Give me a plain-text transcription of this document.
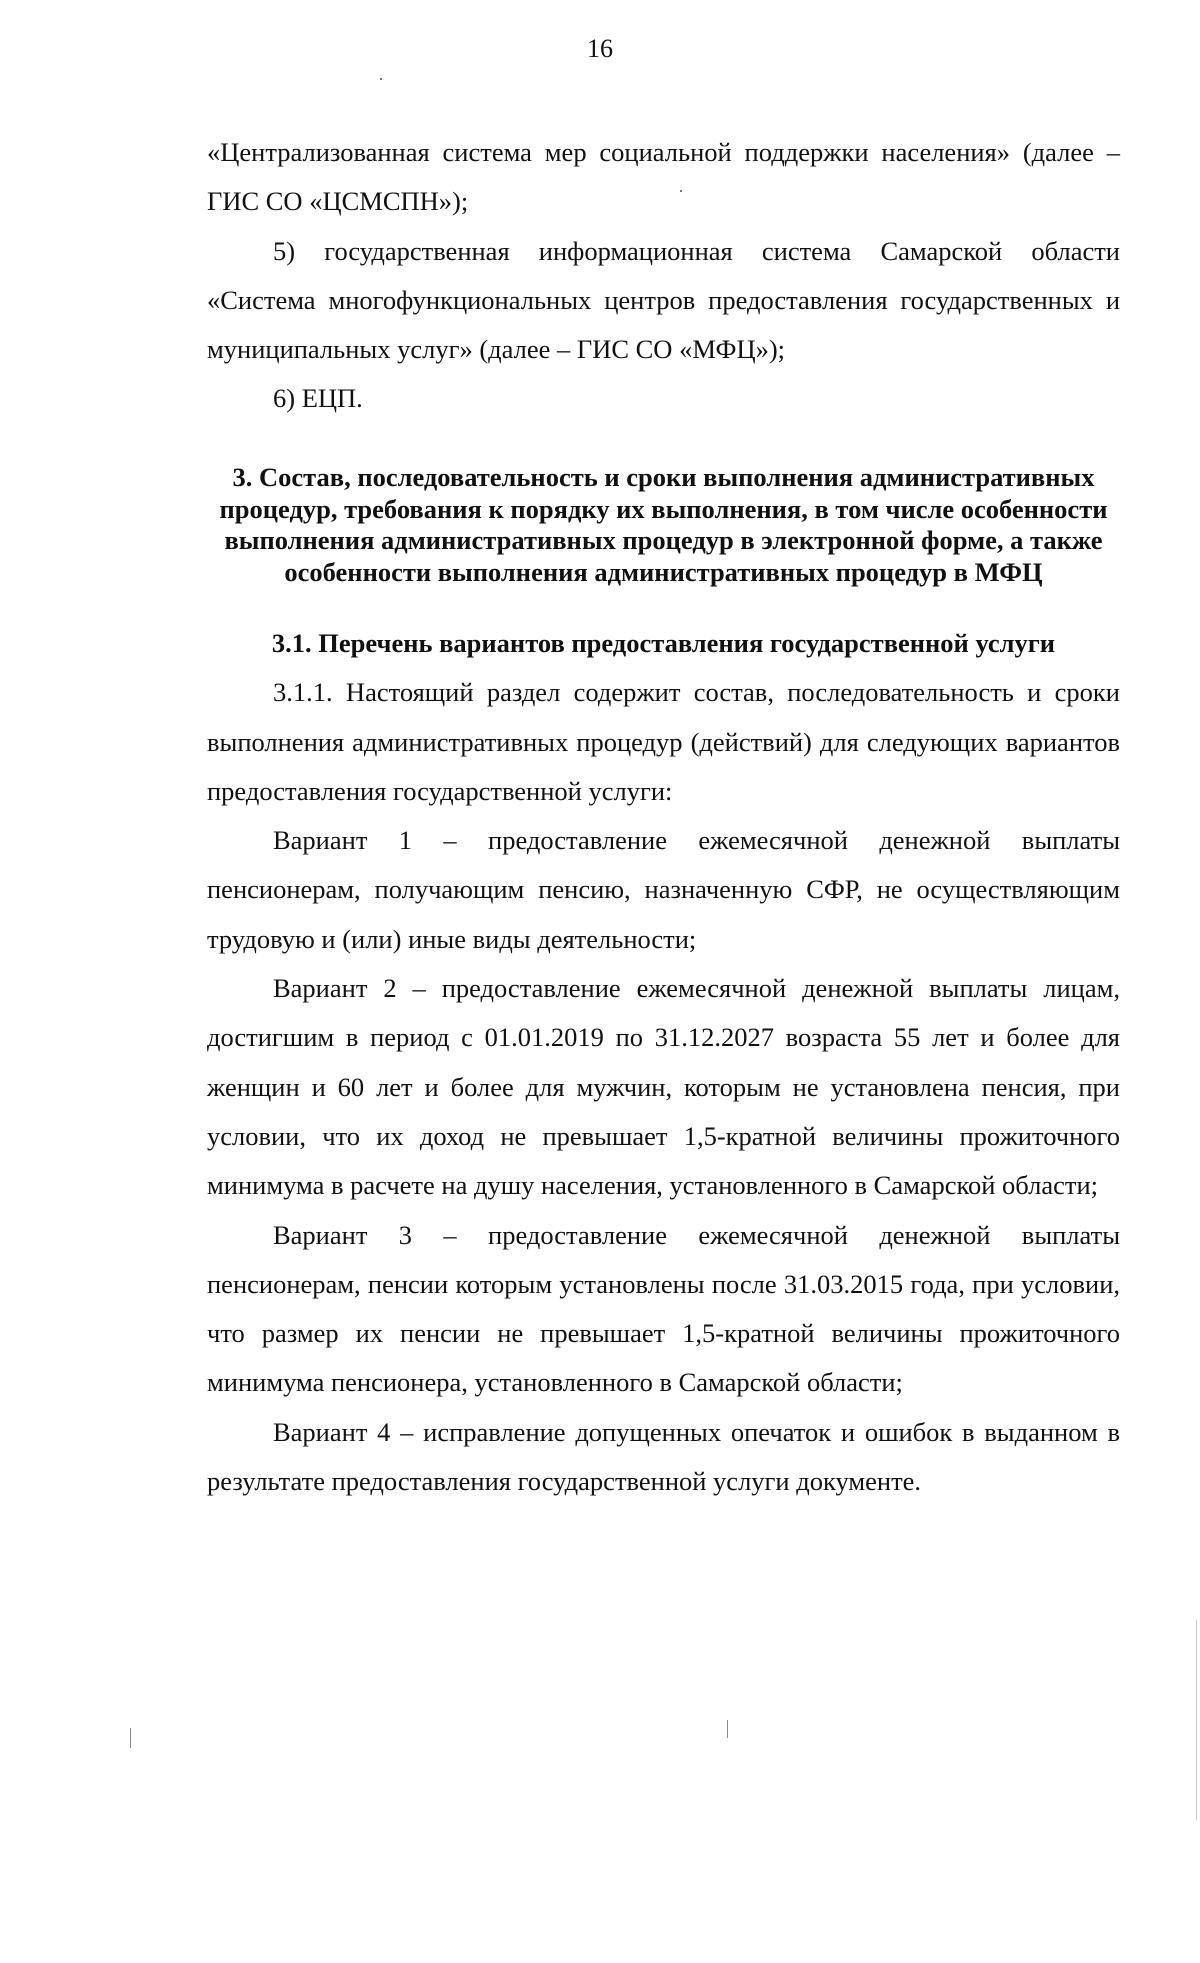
16

«Централизованная система мер социальной поддержки населения» (далее – ГИС СО «ЦСМСПН»);

5) государственная информационная система Самарской области «Система многофункциональных центров предоставления государственных и муниципальных услуг» (далее – ГИС СО «МФЦ»);

6) ЕЦП.

3. Состав, последовательность и сроки выполнения административных процедур, требования к порядку их выполнения, в том числе особенности выполнения административных процедур в электронной форме, а также особенности выполнения административных процедур в МФЦ

3.1. Перечень вариантов предоставления государственной услуги

3.1.1. Настоящий раздел содержит состав, последовательность и сроки выполнения административных процедур (действий) для следующих вариантов предоставления государственной услуги:

Вариант 1 – предоставление ежемесячной денежной выплаты пенсионерам, получающим пенсию, назначенную СФР, не осуществляющим трудовую и (или) иные виды деятельности;

Вариант 2 – предоставление ежемесячной денежной выплаты лицам, достигшим в период с 01.01.2019 по 31.12.2027 возраста 55 лет и более для женщин и 60 лет и более для мужчин, которым не установлена пенсия, при условии, что их доход не превышает 1,5-кратной величины прожиточного минимума в расчете на душу населения, установленного в Самарской области;

Вариант 3 – предоставление ежемесячной денежной выплаты пенсионерам, пенсии которым установлены после 31.03.2015 года, при условии, что размер их пенсии не превышает 1,5-кратной величины прожиточного минимума пенсионера, установленного в Самарской области;

Вариант 4 – исправление допущенных опечаток и ошибок в выданном в результате предоставления государственной услуги документе.
